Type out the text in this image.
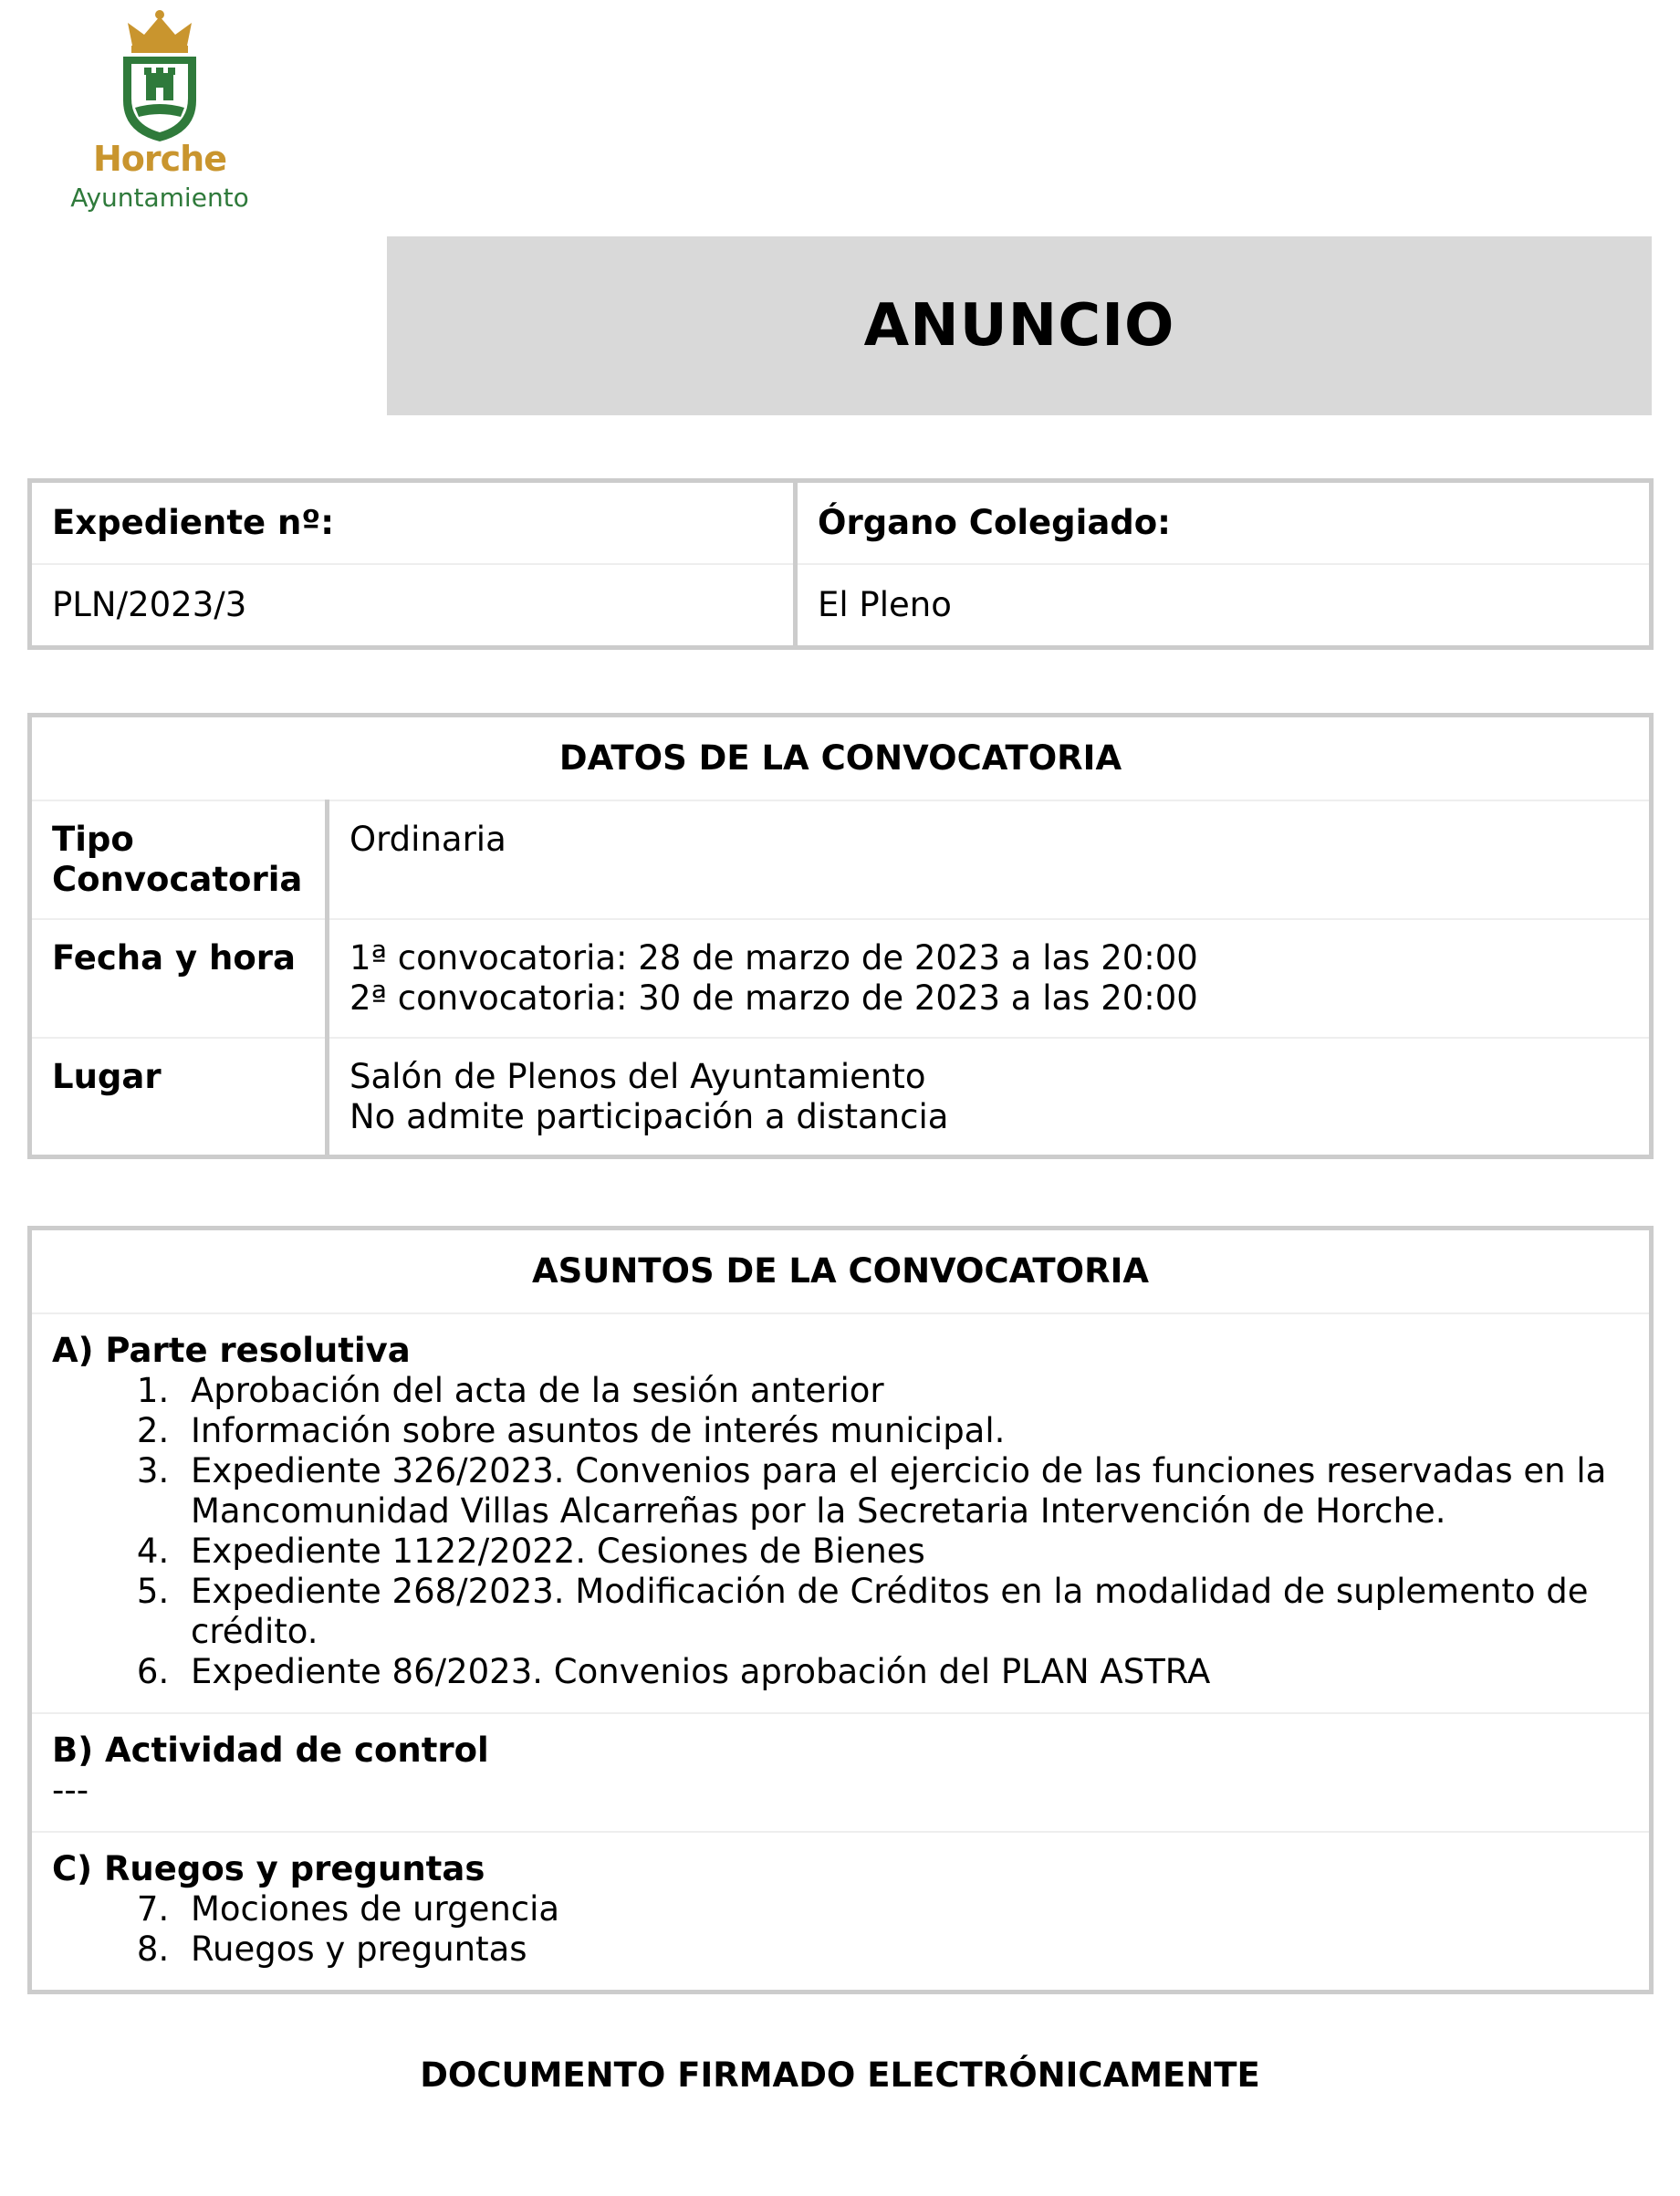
Horche
Ayuntamiento
ANUNCIO
Expediente nº:	Órgano Colegiado:
PLN/2023/3	El Pleno
DATOS DE LA CONVOCATORIA	
Tipo
Convocatoria	Ordinaria
Fecha y hora	1ª convocatoria: 28 de marzo de 2023 a las 20:00
2ª convocatoria: 30 de marzo de 2023 a las 20:00
Lugar	Salón de Plenos del Ayuntamiento
No admite participación a distancia
ASUNTOS DE LA CONVOCATORIA

A) Parte resolutiva
1. Aprobación del acta de la sesión anterior
2. Información sobre asuntos de interés municipal.
3. Expediente 326/2023. Convenios para el ejercicio de las funciones reservadas en la Mancomunidad Villas Alcarreñas por la Secretaria Intervención de Horche.
4. Expediente 1122/2022. Cesiones de Bienes
5. Expediente 268/2023. Modificación de Créditos en la modalidad de suplemento de crédito.
6. Expediente 86/2023. Convenios aprobación del PLAN ASTRA

B) Actividad de control
---

C) Ruegos y preguntas
7. Mociones de urgencia
8. Ruegos y preguntas
DOCUMENTO FIRMADO ELECTRÓNICAMENTE
